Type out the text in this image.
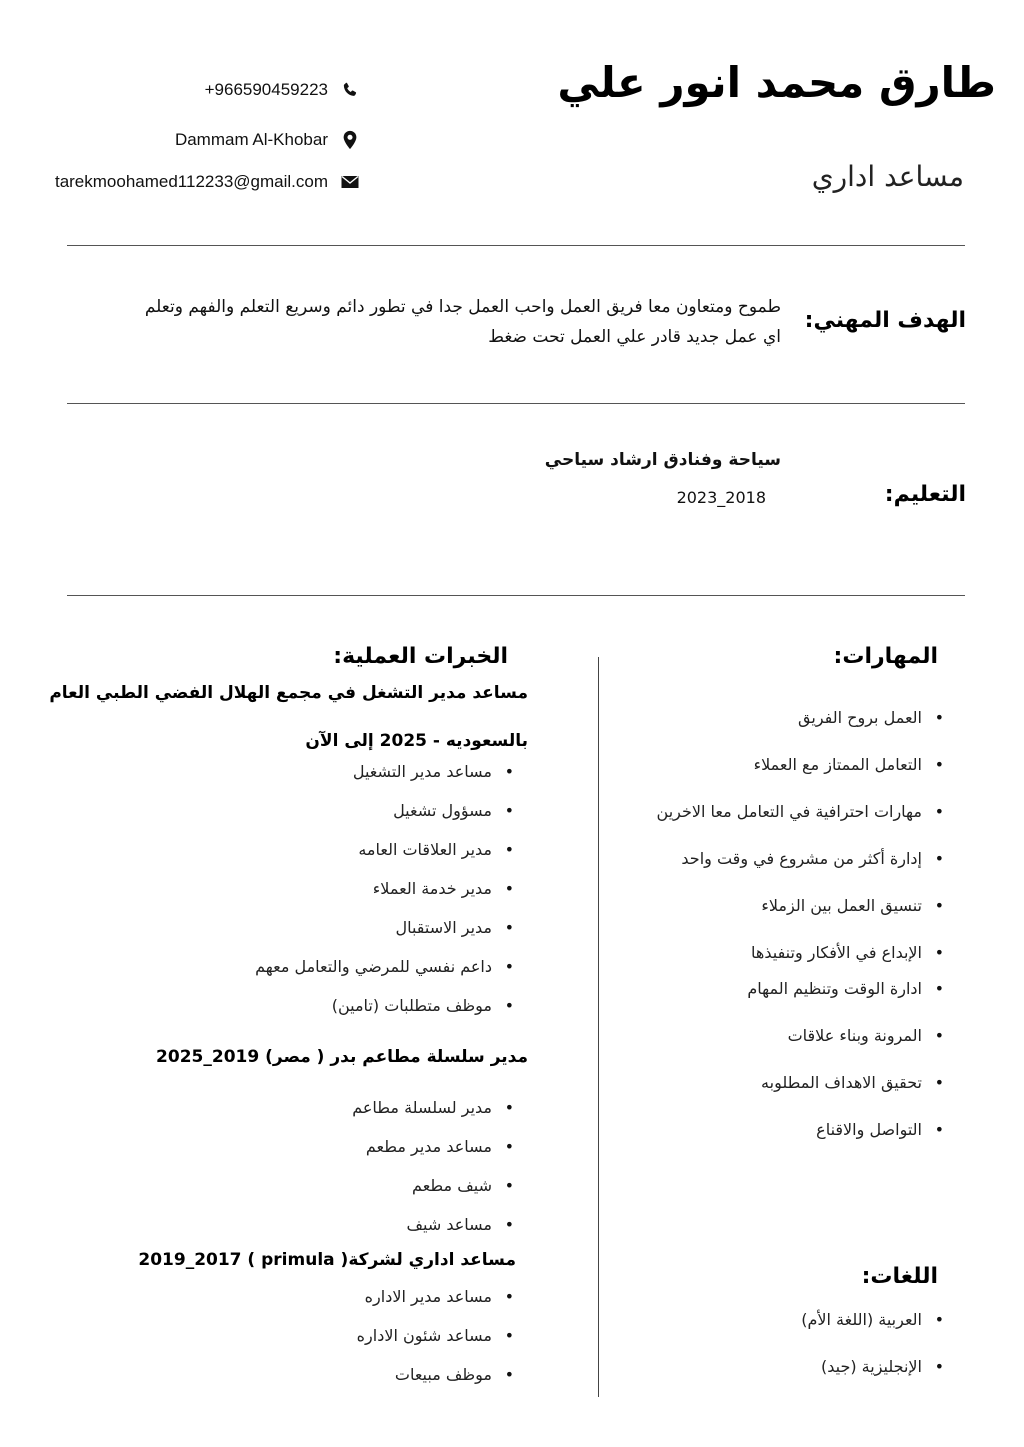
طارق محمد انور علي
مساعد اداري
+966590459223
Dammam Al-Khobar
tarekmoohamed112233@gmail.com
الهدف المهني:
طموح ومتعاون معا فريق العمل واحب العمل جدا في تطور دائم وسريع التعلم والفهم وتعلم اي عمل جديد قادر علي العمل تحت ضغط
التعليم:
سياحة وفنادق ارشاد سياحي
2018_2023
المهارات:
• العمل بروح الفريق
• التعامل الممتاز مع العملاء
• مهارات احترافية في التعامل معا الاخرين
• إدارة أكثر من مشروع في وقت واحد
• تنسيق العمل بين الزملاء
• الإبداع في الأفكار وتنفيذها
• ادارة الوقت وتنظيم المهام
• المرونة وبناء علاقات
• تحقيق الاهداف المطلوبه
• التواصل والاقناع
اللغات:
• العربية (اللغة الأم)
• الإنجليزية (جيد)
الخبرات العملية:
مساعد مدير التشغل في مجمع الهلال الفضي الطبي العام
بالسعوديه - 2025 إلى الآن
• مساعد مدير التشغيل
• مسؤول تشغيل
• مدير العلاقات العامه
• مدير خدمة العملاء
• مدير الاستقبال
• داعم نفسي للمرضي والتعامل معهم
• موظف متطلبات (تامين)
مدير سلسلة مطاعم بدر ( مصر) 2019_2025
• مدير لسلسلة مطاعم
• مساعد مدير مطعم
• شيف مطعم
• مساعد شيف
مساعد اداري لشركة( primula ) 2019_2017
• مساعد مدير الاداره
• مساعد شئون الاداره
• موظف مبيعات
